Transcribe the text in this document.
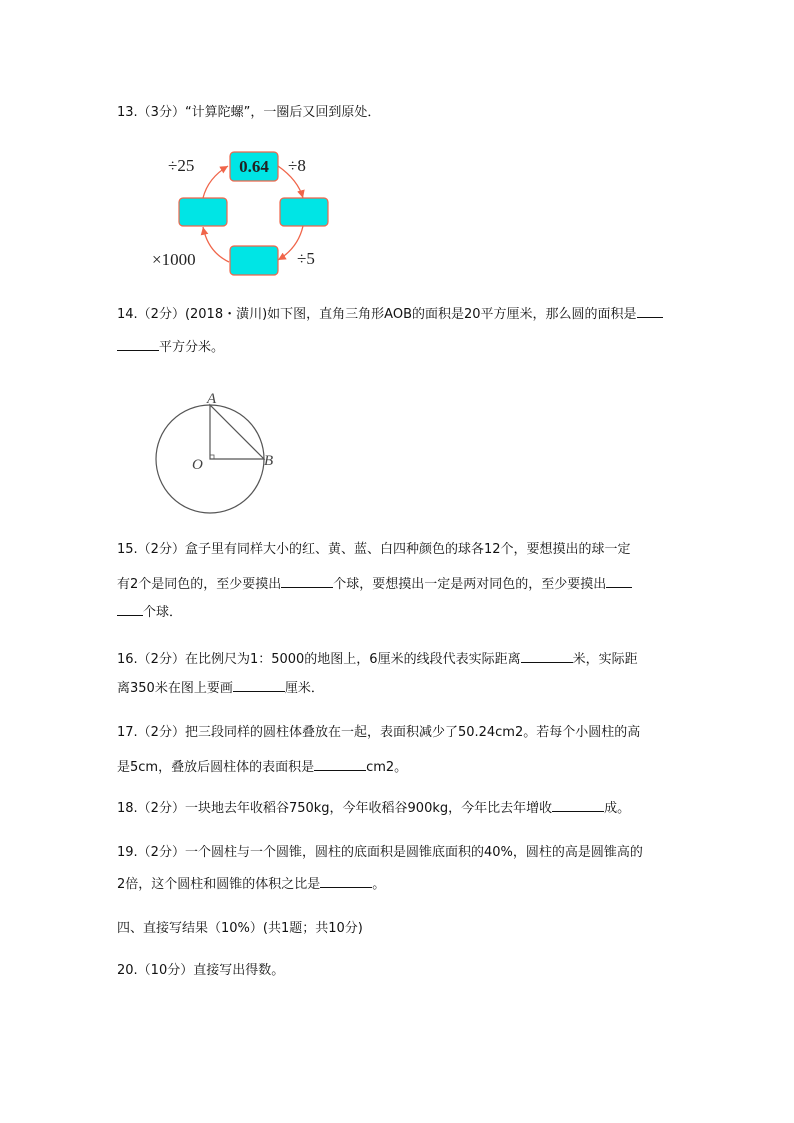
13.（3分）“计算陀螺”，一圈后又回到原处．
0.64 ÷8
÷5
×1000
÷25
14.（2分）(2018・潢川)如下图，直角三角形AOB的面积是20平方厘米，那么圆的面积是
平方分米。
A
O	B
15.（2分）盒子里有同样大小的红、黄、蓝、白四种颜色的球各12个，要想摸出的球一定
有2个是同色的，至少要摸出	个球，要想摸出一定是两对同色的，至少要摸出
个球．
16.（2分）在比例尺为1：5000的地图上，6厘米的线段代表实际距离	米，实际距
离350米在图上要画	厘米．
17.（2分）把三段同样的圆柱体叠放在一起，表面积减少了50.24cm2。若每个小圆柱的高
是5cm，叠放后圆柱体的表面积是	cm2。
18.（2分）一块地去年收稻谷750kg，今年收稻谷900kg，今年比去年增收	成。
19.（2分）一个圆柱与一个圆锥，圆柱的底面积是圆锥底面积的40%，圆柱的高是圆锥高的
2倍，这个圆柱和圆锥的体积之比是	。
四、直接写结果（10%）(共1题；共10分)
20.（10分）直接写出得数。
